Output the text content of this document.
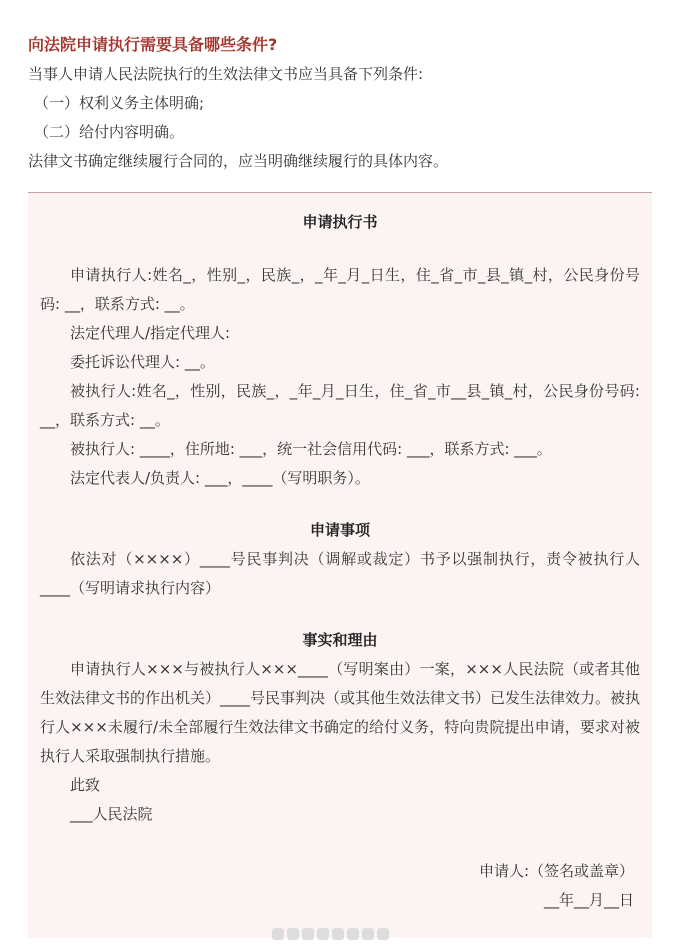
向法院申请执行需要具备哪些条件?

当事人申请人民法院执行的生效法律文书应当具备下列条件:

（一）权利义务主体明确;

（二）给付内容明确。

法律文书确定继续履行合同的，应当明确继续履行的具体内容。

申请执行书

申请执行人:姓名_，性别_，民族_，_年_月_日生，住_省_市_县_镇_村，公民身份号码: __，联系方式: __。

法定代理人/指定代理人:

委托诉讼代理人: __。

被执行人:姓名_，性别，民族_，_年_月_日生，住_省_市__县_镇_村，公民身份号码: __，联系方式: __。

被执行人: ____，住所地: ___，统一社会信用代码: ___，联系方式: ___。

法定代表人/负责人: ___，____（写明职务）。

申请事项

依法对（××××）____号民事判决（调解或裁定）书予以强制执行，责令被执行人____（写明请求执行内容）

事实和理由

申请执行人×××与被执行人×××____（写明案由）一案，×××人民法院（或者其他生效法律文书的作出机关）____号民事判决（或其他生效法律文书）已发生法律效力。被执行人×××未履行/未全部履行生效法律文书确定的给付义务，特向贵院提出申请，要求对被执行人采取强制执行措施。

此致

___人民法院

申请人:（签名或盖章）

__年__月__日
